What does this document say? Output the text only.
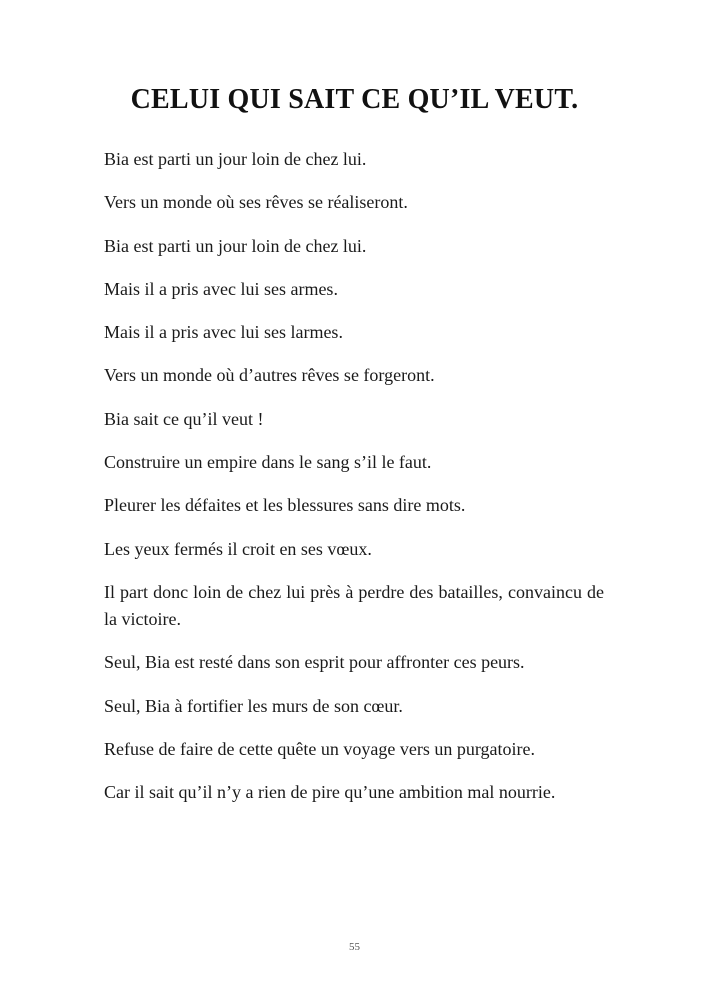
CELUI QUI SAIT CE QU’IL VEUT.
Bia est parti un jour loin de chez lui.
Vers un monde où ses rêves se réaliseront.
Bia est parti un jour loin de chez lui.
Mais il a pris avec lui ses armes.
Mais il a pris avec lui ses larmes.
Vers un monde où d’autres rêves se forgeront.
Bia sait ce qu’il veut !
Construire un empire dans le sang s’il le faut.
Pleurer les défaites et les blessures sans dire mots.
Les yeux fermés il croit en ses vœux.
Il part donc loin de chez lui près à perdre des batailles, convaincu de la victoire.
Seul, Bia est resté dans son esprit pour affronter ces peurs.
Seul, Bia à fortifier les murs de son cœur.
Refuse de faire de cette quête un voyage vers un purgatoire.
Car il sait qu’il n’y a rien de pire qu’une ambition mal nourrie.
55
